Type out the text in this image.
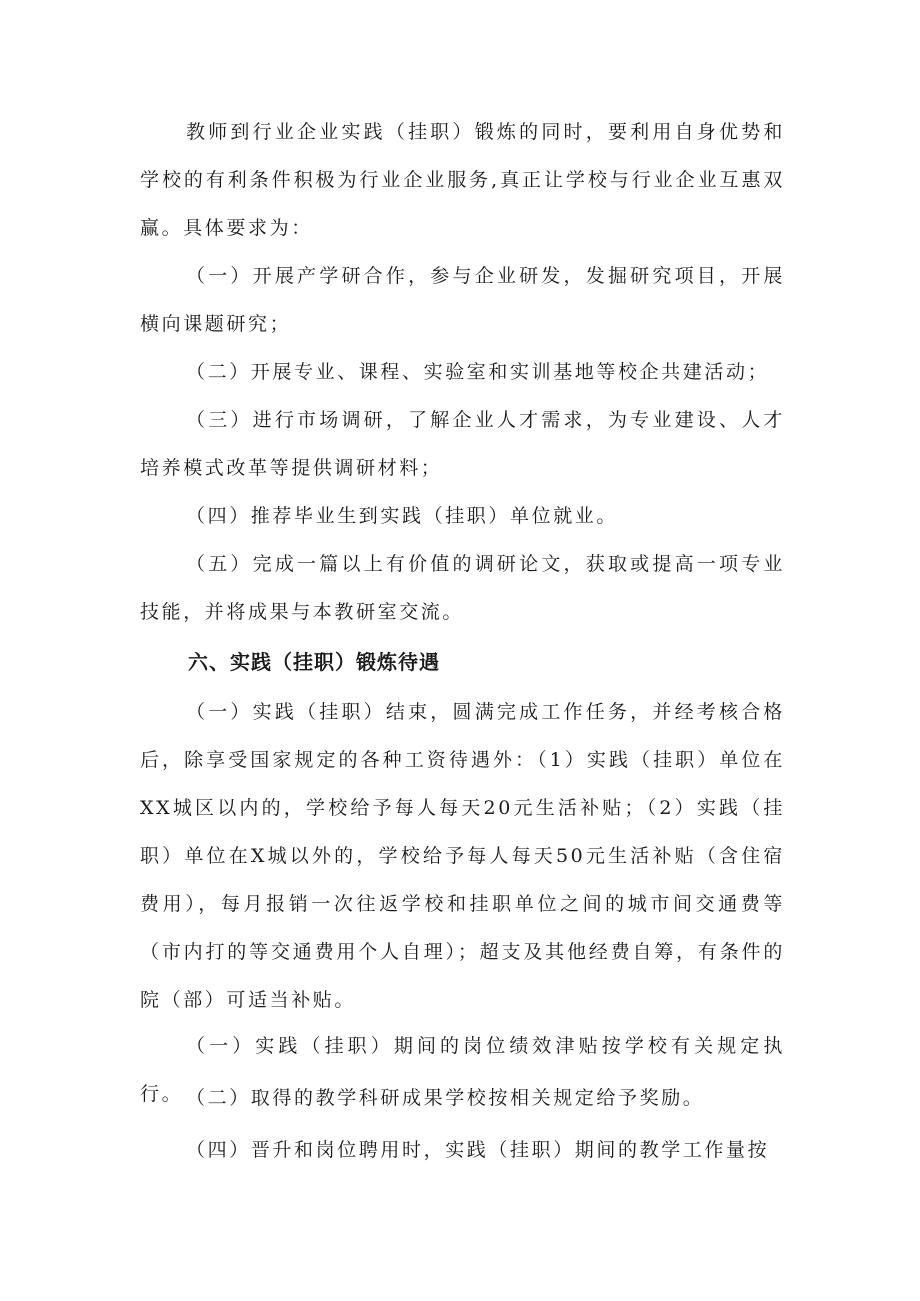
教师到行业企业实践（挂职）锻炼的同时，要利用自身优势和学校的有利条件积极为行业企业服务,真正让学校与行业企业互惠双赢。具体要求为：

（一）开展产学研合作，参与企业研发，发掘研究项目，开展横向课题研究；

（二）开展专业、课程、实验室和实训基地等校企共建活动；

（三）进行市场调研，了解企业人才需求，为专业建设、人才培养模式改革等提供调研材料；

（四）推荐毕业生到实践（挂职）单位就业。

（五）完成一篇以上有价值的调研论文，获取或提高一项专业技能，并将成果与本教研室交流。

六、实践（挂职）锻炼待遇

（一）实践（挂职）结束，圆满完成工作任务，并经考核合格后，除享受国家规定的各种工资待遇外：（1）实践（挂职）单位在XX城区以内的，学校给予每人每天20元生活补贴；（2）实践（挂职）单位在X城以外的，学校给予每人每天50元生活补贴（含住宿费用），每月报销一次往返学校和挂职单位之间的城市间交通费等（市内打的等交通费用个人自理）；超支及其他经费自筹，有条件的院（部）可适当补贴。

（一）实践（挂职）期间的岗位绩效津贴按学校有关规定执行。 （二）取得的教学科研成果学校按相关规定给予奖励。

（四）晋升和岗位聘用时，实践（挂职）期间的教学工作量按
